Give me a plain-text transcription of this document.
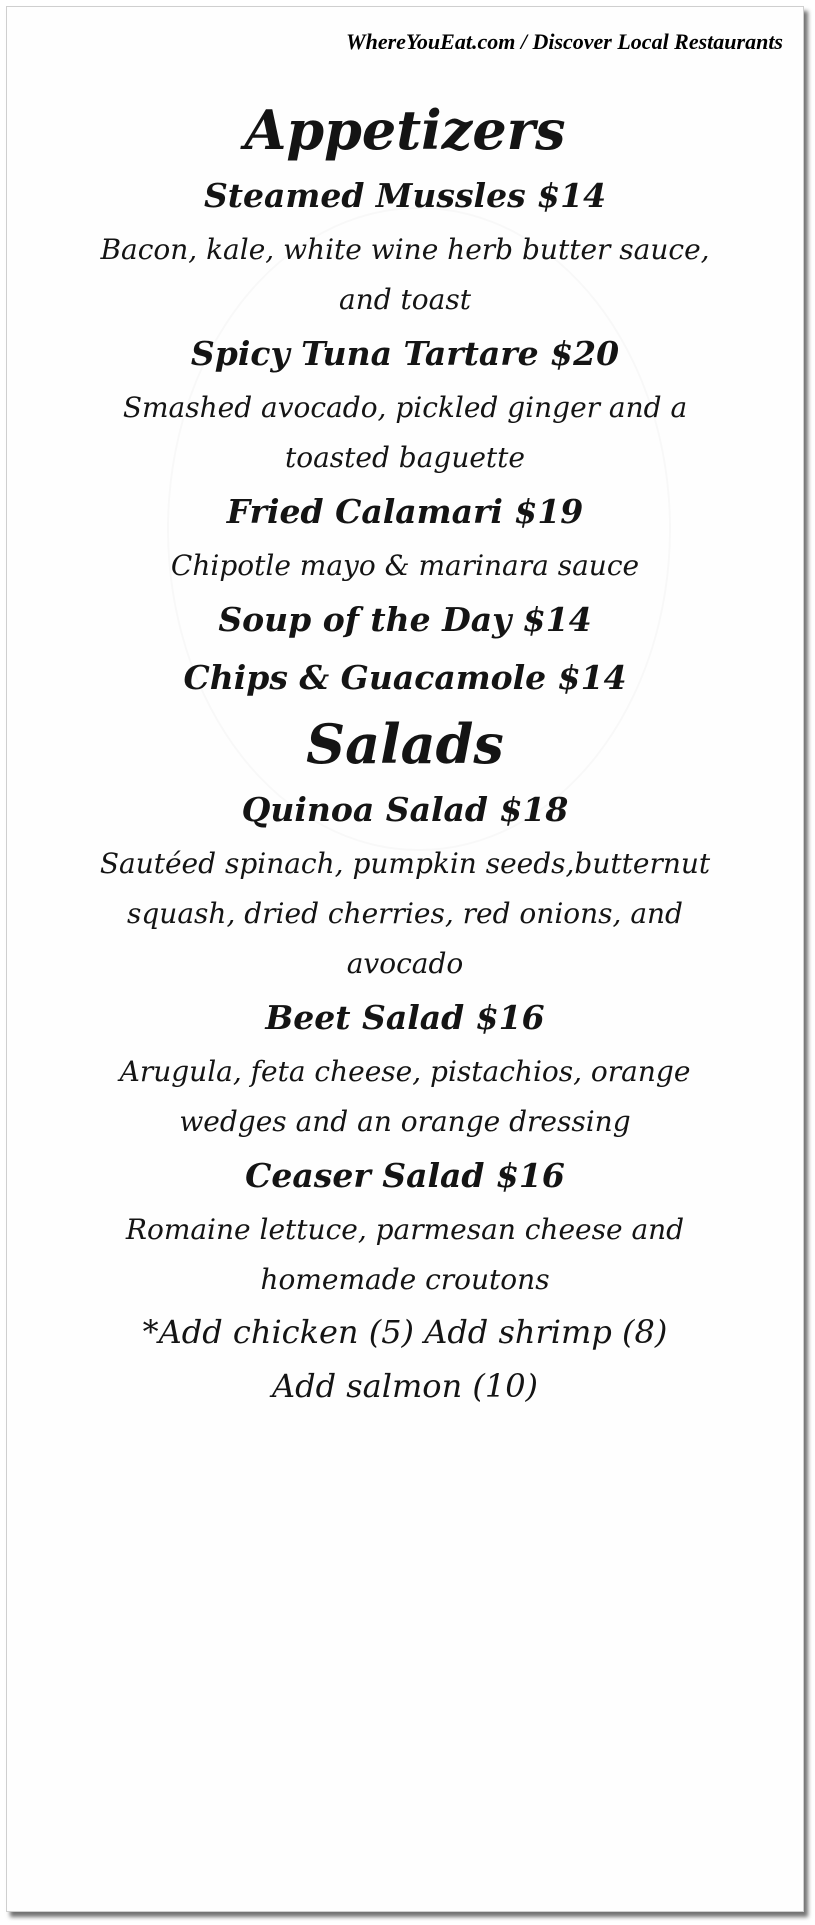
WhereYouEat.com / Discover Local Restaurants
Appetizers
Steamed Mussles $14
Bacon, kale, white wine herb butter sauce,
and toast
Spicy Tuna Tartare $20
Smashed avocado, pickled ginger and a
toasted baguette
Fried Calamari $19
Chipotle mayo & marinara sauce
Soup of the Day $14
Chips & Guacamole $14
Salads
Quinoa Salad $18
Sautéed spinach, pumpkin seeds,butternut
squash, dried cherries, red onions, and
avocado
Beet Salad $16
Arugula, feta cheese, pistachios, orange
wedges and an orange dressing
Ceaser Salad $16
Romaine lettuce, parmesan cheese and
homemade croutons
*Add chicken (5) Add shrimp (8)
Add salmon (10)
